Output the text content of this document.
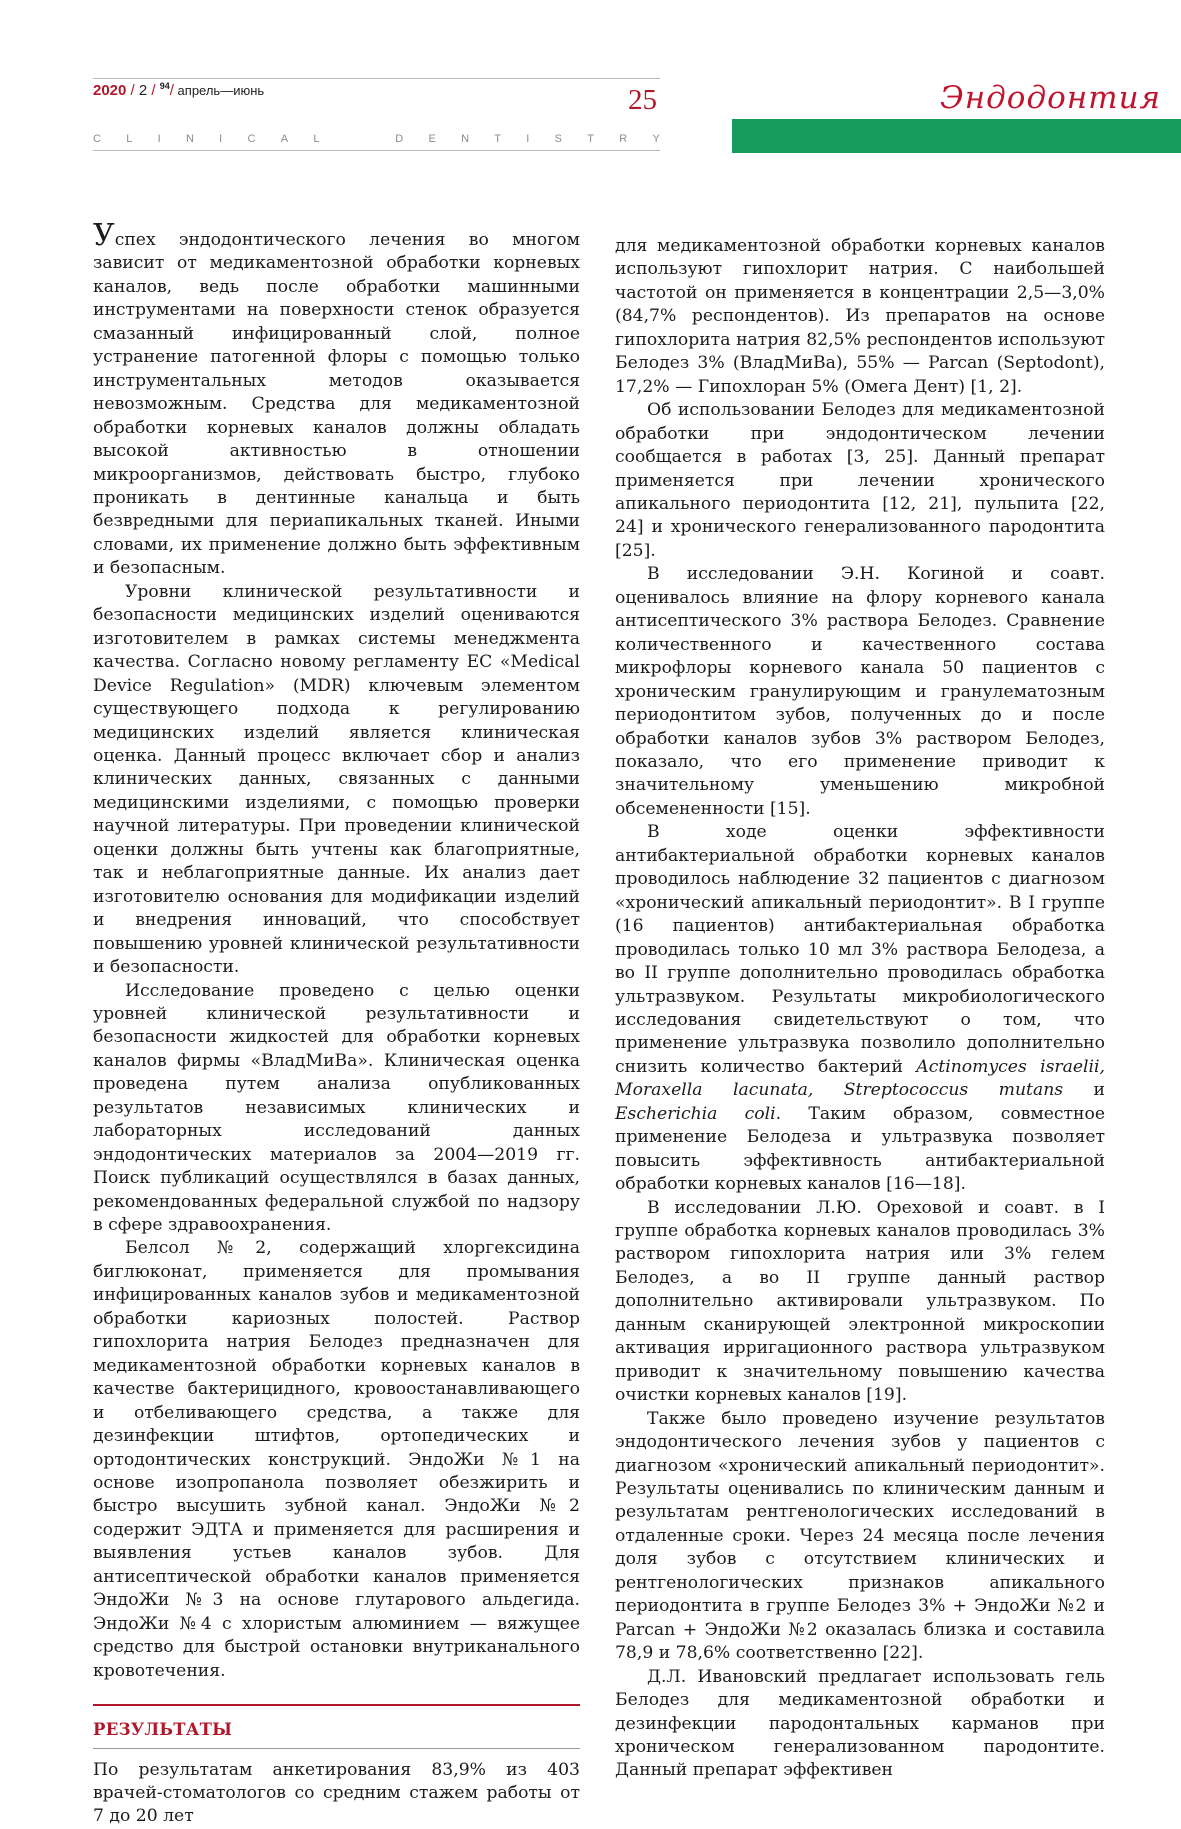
2020 / 2 / $^{94}$/ апрель—июнь	25
C L I N I C A L	D E N T I S T R Y
Эндодонтия

Успех эндодонтического лечения во многом зависит от медикаментозной обработки корневых каналов, ведь после обработки машинными инструментами на поверхности стенок образуется смазанный инфицированный слой, полное устранение патогенной флоры с помощью только инструментальных методов оказывается невозможным. Средства для медикаментозной обработки корневых каналов должны обладать высокой активностью в отношении микроорганизмов, действовать быстро, глубоко проникать в дентинные канальца и быть безвредными для периапикальных тканей. Иными словами, их применение должно быть эффективным и безопасным.

Уровни клинической результативности и безопасности медицинских изделий оцениваются изготовителем в рамках системы менеджмента качества. Согласно новому регламенту ЕС «Medical Device Regulation» (MDR) ключевым элементом существующего подхода к регулированию медицинских изделий является клиническая оценка. Данный процесс включает сбор и анализ клинических данных, связанных с данными медицинскими изделиями, с помощью проверки научной литературы. При проведении клинической оценки должны быть учтены как благоприятные, так и неблагоприятные данные. Их анализ дает изготовителю основания для модификации изделий и внедрения инноваций, что способствует повышению уровней клинической результативности и безопасности.

Исследование проведено с целью оценки уровней клинической результативности и безопасности жидкостей для обработки корневых каналов фирмы «ВладМиВа». Клиническая оценка проведена путем анализа опубликованных результатов независимых клинических и лабораторных исследований данных эндодонтических материалов за 2004—2019 гг. Поиск публикаций осуществлялся в базах данных, рекомендованных федеральной службой по надзору в сфере здравоохранения.

Белсол №2, содержащий хлоргексидина биглюконат, применяется для промывания инфицированных каналов зубов и медикаментозной обработки кариозных полостей. Раствор гипохлорита натрия Белодез предназначен для медикаментозной обработки корневых каналов в качестве бактерицидного, кровоостанавливающего и отбеливающего средства, а также для дезинфекции штифтов, ортопедических и ортодонтических конструкций. ЭндоЖи №1 на основе изопропанола позволяет обезжирить и быстро высушить зубной канал. ЭндоЖи №2 содержит ЭДТА и применяется для расширения и выявления устьев каналов зубов. Для антисептической обработки каналов применяется ЭндоЖи №3 на основе глутарового альдегида. ЭндоЖи №4 с хлористым алюминием — вяжущее средство для быстрой остановки внутриканального кровотечения.

РЕЗУЛЬТАТЫ

По результатам анкетирования 83,9% из 403 врачей-стоматологов со средним стажем работы от 7 до 20 лет

для медикаментозной обработки корневых каналов используют гипохлорит натрия. С наибольшей частотой он применяется в концентрации 2,5—3,0% (84,7% респондентов). Из препаратов на основе гипохлорита натрия 82,5% респондентов используют Белодез 3% (ВладМиВа), 55% — Parcan (Septodont), 17,2% — Гипохлоран 5% (Омега Дент) [1, 2].

Об использовании Белодез для медикаментозной обработки при эндодонтическом лечении сообщается в работах [3, 25]. Данный препарат применяется при лечении хронического апикального периодонтита [12, 21], пульпита [22, 24] и хронического генерализованного пародонтита [25].

В исследовании Э.Н. Когиной и соавт. оценивалось влияние на флору корневого канала антисептического 3% раствора Белодез. Сравнение количественного и качественного состава микрофлоры корневого канала 50 пациентов с хроническим гранулирующим и гранулематозным периодонтитом зубов, полученных до и после обработки каналов зубов 3% раствором Белодез, показало, что его применение приводит к значительному уменьшению микробной обсемененности [15].

В ходе оценки эффективности антибактериальной обработки корневых каналов проводилось наблюдение 32 пациентов с диагнозом «хронический апикальный периодонтит». В I группе (16 пациентов) антибактериальная обработка проводилась только 10 мл 3% раствора Белодеза, а во II группе дополнительно проводилась обработка ультразвуком. Результаты микробиологического исследования свидетельствуют о том, что применение ультразвука позволило дополнительно снизить количество бактерий Actinomyces israelii, Moraxella lacunata, Streptococcus mutans и Escherichia coli. Таким образом, совместное применение Белодеза и ультразвука позволяет повысить эффективность антибактериальной обработки корневых каналов [16—18].

В исследовании Л.Ю. Ореховой и соавт. в I группе обработка корневых каналов проводилась 3% раствором гипохлорита натрия или 3% гелем Белодез, а во II группе данный раствор дополнительно активировали ультразвуком. По данным сканирующей электронной микроскопии активация ирригационного раствора ультразвуком приводит к значительному повышению качества очистки корневых каналов [19].

Также было проведено изучение результатов эндодонтического лечения зубов у пациентов с диагнозом «хронический апикальный периодонтит». Результаты оценивались по клиническим данным и результатам рентгенологических исследований в отдаленные сроки. Через 24 месяца после лечения доля зубов с отсутствием клинических и рентгенологических признаков апикального периодонтита в группе Белодез 3% + ЭндоЖи №2 и Parcan + ЭндоЖи №2 оказалась близка и составила 78,9 и 78,6% соответственно [22].

Д.Л. Ивановский предлагает использовать гель Белодез для медикаментозной обработки и дезинфекции пародонтальных карманов при хроническом генерализованном пародонтите. Данный препарат эффективен
